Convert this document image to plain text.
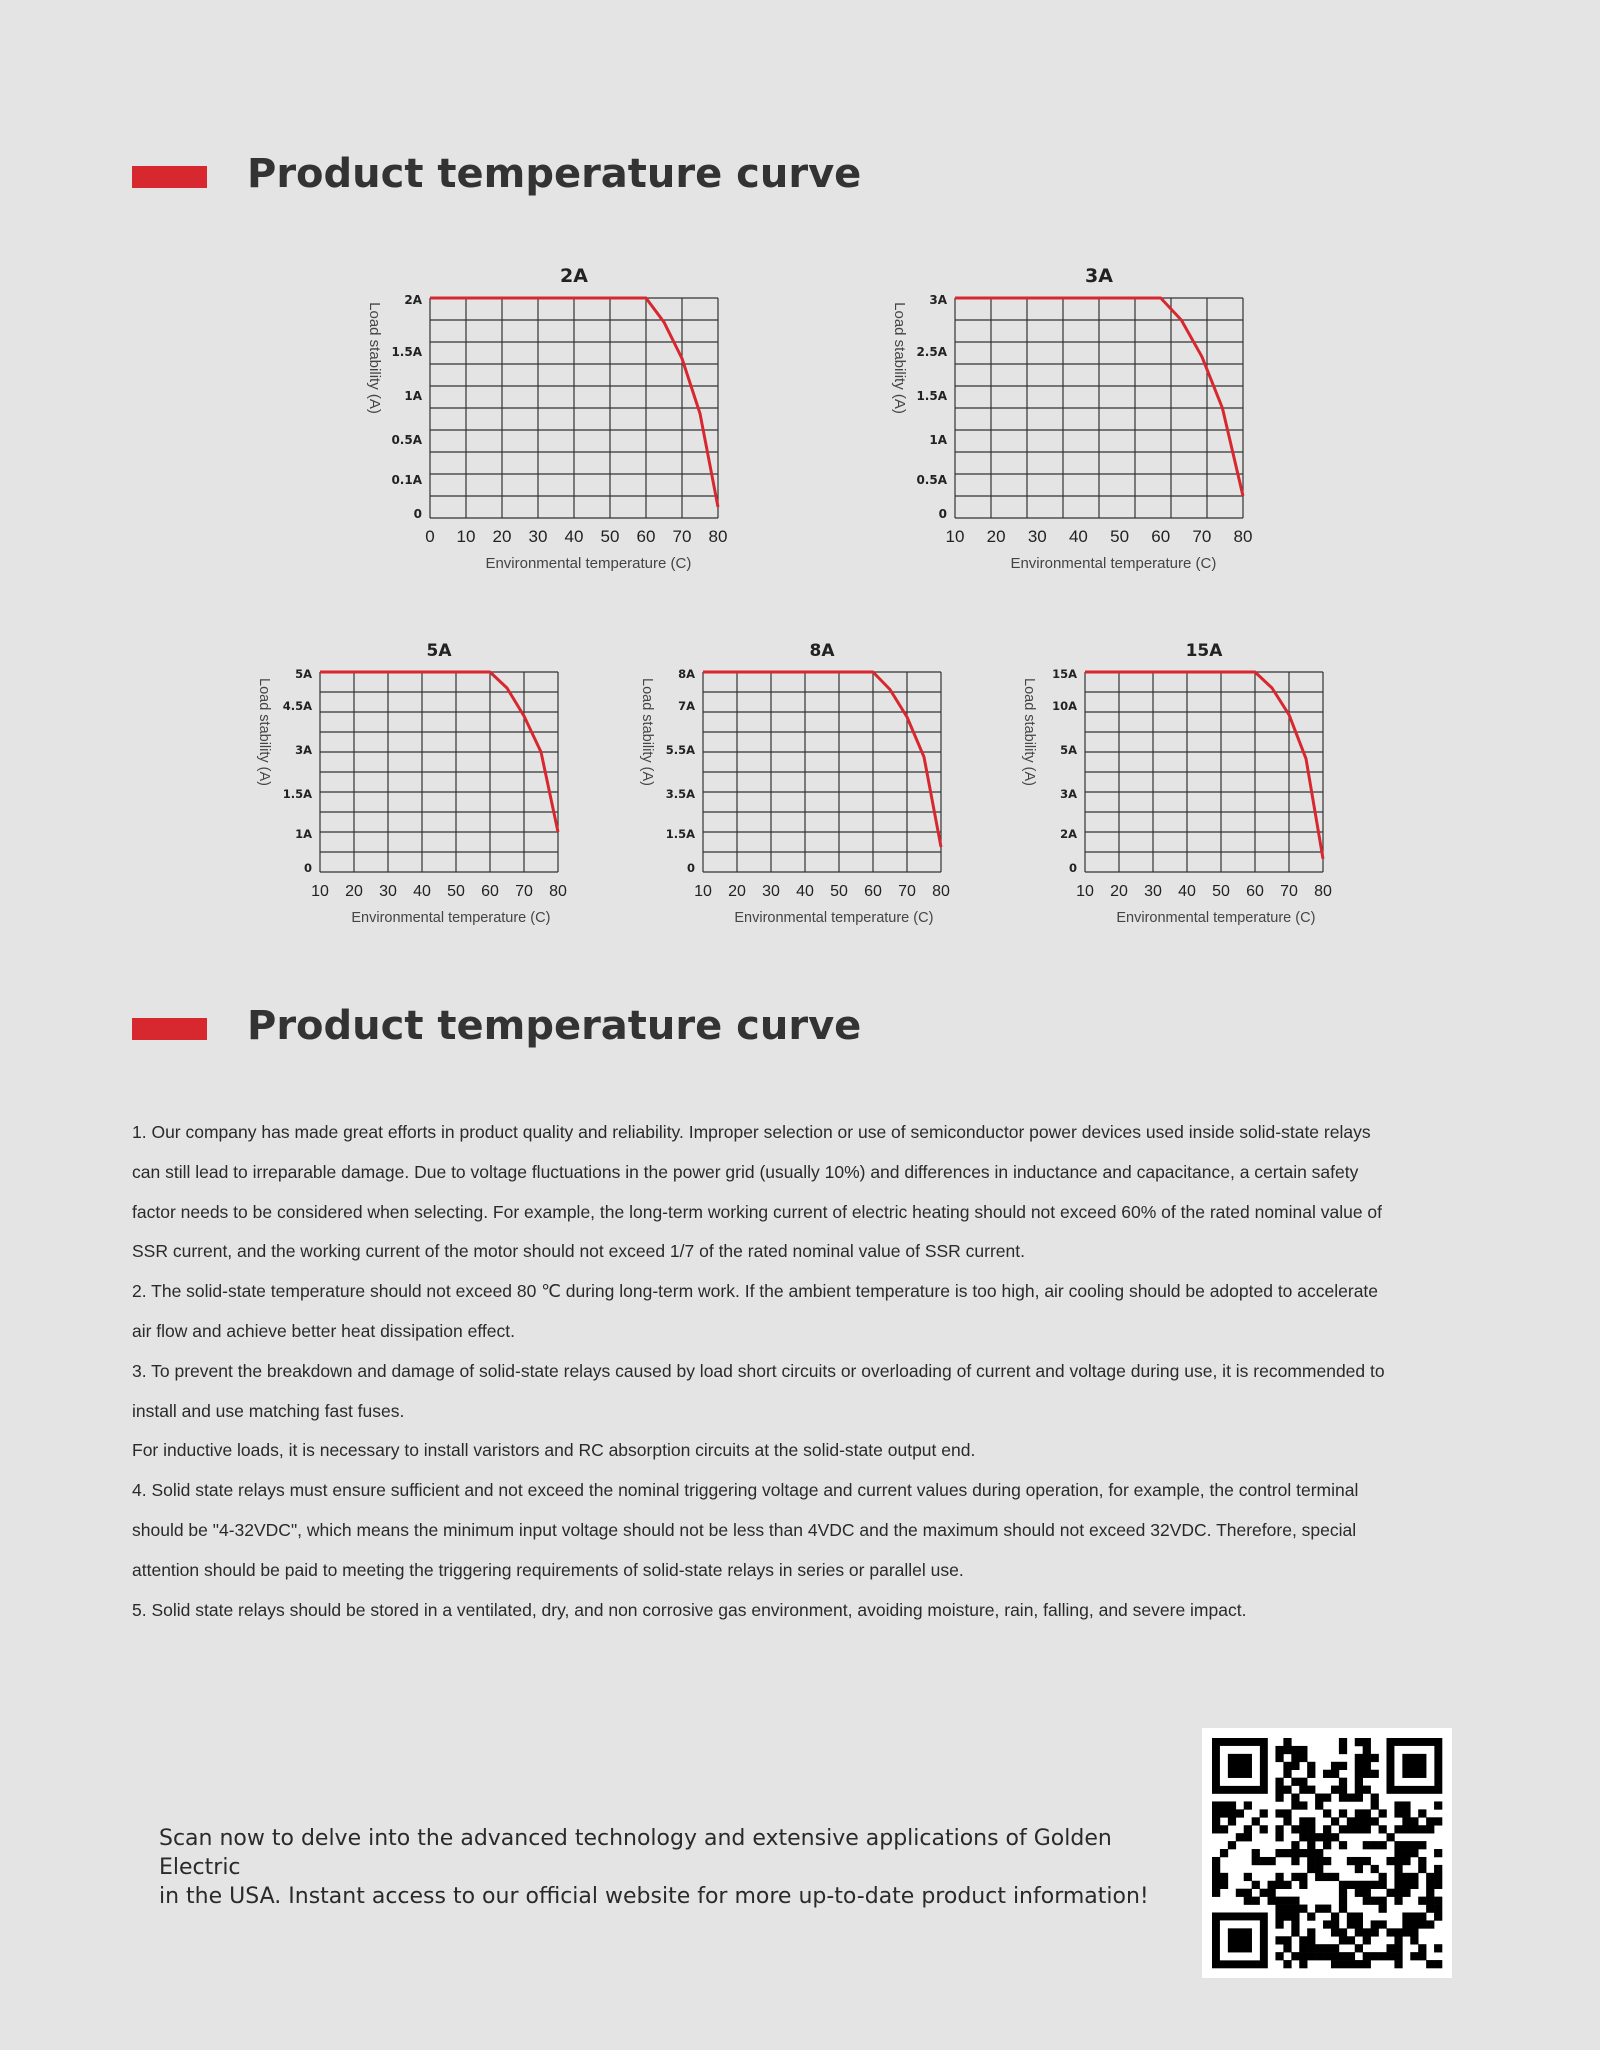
Product temperature curve
2A
0
0.1A
0.5A
1A
1.5A
2A
0 10 20 30 40 50 60 70 80
Environmental temperature (C)
Load stability (A)
3A
0
0.5A
1A
1.5A
2.5A
3A
10 20 30 40 50 60 70 80
Environmental temperature (C)
Load stability (A)
5A
0
1A
1.5A
3A
4.5A
5A
10 20 30 40 50 60 70 80
Environmental temperature (C)
Load stability (A)
8A
0
1.5A
3.5A
5.5A
7A
8A
10 20 30 40 50 60 70 80
Environmental temperature (C)
Load stability (A)
15A
0
2A
3A
5A
10A
15A
10 20 30 40 50 60 70 80
Environmental temperature (C)
Load stability (A)
Product temperature curve

1. Our company has made great efforts in product quality and reliability. Improper selection or use of semiconductor power devices used inside solid-state relays can still lead to irreparable damage. Due to voltage fluctuations in the power grid (usually 10%) and differences in inductance and capacitance, a certain safety factor needs to be considered when selecting. For example, the long-term working current of electric heating should not exceed 60% of the rated nominal value of SSR current, and the working current of the motor should not exceed 1/7 of the rated nominal value of SSR current.

2. The solid-state temperature should not exceed 80 ℃ during long-term work. If the ambient temperature is too high, air cooling should be adopted to accelerate air flow and achieve better heat dissipation effect.

3. To prevent the breakdown and damage of solid-state relays caused by load short circuits or overloading of current and voltage during use, it is recommended to install and use matching fast fuses.

For inductive loads, it is necessary to install varistors and RC absorption circuits at the solid-state output end.

4. Solid state relays must ensure sufficient and not exceed the nominal triggering voltage and current values during operation, for example, the control terminal should be "4-32VDC", which means the minimum input voltage should not be less than 4VDC and the maximum should not exceed 32VDC. Therefore, special attention should be paid to meeting the triggering requirements of solid-state relays in series or parallel use.

5. Solid state relays should be stored in a ventilated, dry, and non corrosive gas environment, avoiding moisture, rain, falling, and severe impact.

Scan now to delve into the advanced technology and extensive applications of Golden Electric

in the USA. Instant access to our official website for more up-to-date product information!
